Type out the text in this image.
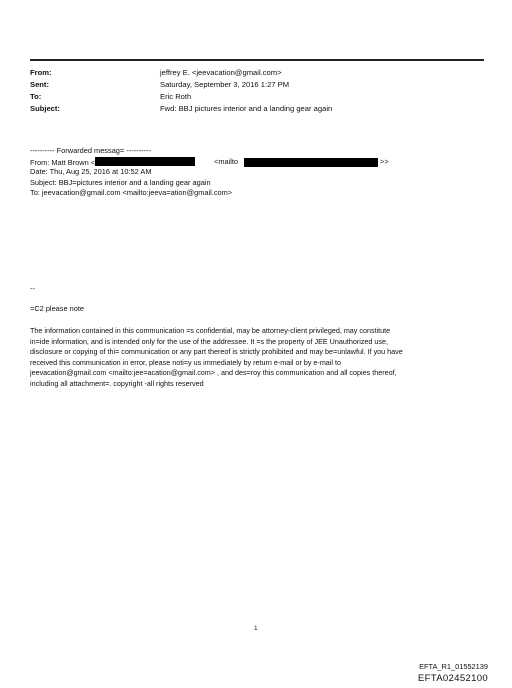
From:	jeffrey E. <jeevacation@gmail.com>
Sent:	Saturday, September 3, 2016 1:27 PM
To:	Eric Roth
Subject:	Fwd: BBJ pictures interior and a landing gear again
---------- Forwarded messag= ----------
From: Matt Brown <	<mailto	>>
Date: Thu, Aug 25, 2016 at 10:52 AM
Subject: BBJ=pictures interior and a landing gear again
To: jeevacation@gmail.com <mailto:jeeva=ation@gmail.com>
--
=C2 please note
The information contained in this communication =s confidential, may be attorney-client privileged, may constitute
in=ide information, and is intended only for the use of the addressee. It =s the property of JEE Unauthorized use,
disclosure or copying of thi= communication or any part thereof is strictly prohibited and may be=unlawful. If you have
received this communication in error, please noti=y us immediately by return e-mail or by e-mail to
jeevacation@gmail.com <mailto:jee=acation@gmail.com> , and des=roy this communication and all copies thereof,
including all attachment=. copyright -all rights reserved
1
EFTA_R1_01552139
EFTA02452100
